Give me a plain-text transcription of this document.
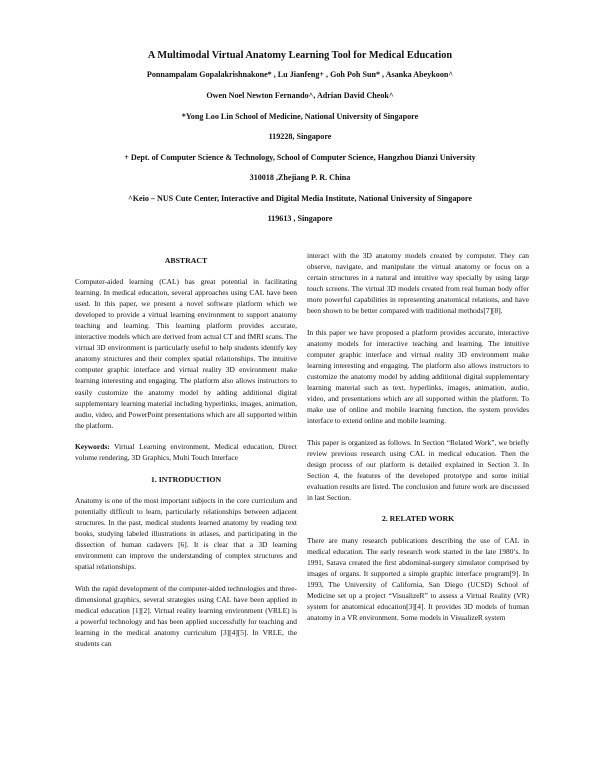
A Multimodal Virtual Anatomy Learning Tool for Medical Education
Ponnampalam Gopalakrishnakone* , Lu Jianfeng+ , Goh Poh Sun* , Asanka Abeykoon^
Owen Noel Newton Fernando^, Adrian David Cheok^
*Yong Loo Lin School of Medicine, National University of Singapore
119228, Singapore
+ Dept. of Computer Science & Technology, School of Computer Science, Hangzhou Dianzi University
310018 ,Zhejiang P. R. China
^Keio – NUS Cute Center, Interactive and Digital Media Institute, National University of Singapore
119613 , Singapore
ABSTRACT

Computer-aided learning (CAL) has great potential in facilitating learning. In medical education, several approaches using CAL have been used. In this paper, we present a novel software platform which we developed to provide a virtual learning environment to support anatomy teaching and learning. This learning platform provides accurate, interactive models which are derived from actual CT and fMRI scans. The virtual 3D environment is particularly useful to help students identify key anatomy structures and their complex spatial relationships. The intuitive computer graphic interface and virtual reality 3D environment make learning interesting and engaging. The platform also allows instructors to easily customize the anatomy model by adding additional digital supplementary learning material including hyperlinks, images, animation, audio, video, and PowerPoint presentations which are all supported within the platform.

Keywords: Virtual Learning environment, Medical education, Direct volume rendering, 3D Graphics, Multi Touch Interface

1. INTRODUCTION

Anatomy is one of the most important subjects in the core curriculum and potentially difficult to learn, particularly relationships between adjacent structures. In the past, medical students learned anatomy by reading text books, studying labeled illustrations in atlases, and participating in the dissection of human cadavers [6]. It is clear that a 3D learning environment can improve the understanding of complex structures and spatial relationships.

With the rapid development of the computer-aided technologies and three-dimensional graphics, several strategies using CAL have been applied in medical education [1][2]. Virtual reality learning environment (VRLE) is a powerful technology and has been applied successfully for teaching and learning in the medical anatomy curriculum [3][4][5]. In VRLE, the students can

interact with the 3D anatomy models created by computer. They can observe, navigate, and manipulate the virtual anatomy or focus on a certain structures in a natural and intuitive way specially by using large touch screens. The virtual 3D models created from real human body offer more powerful capabilities in representing anatomical relations, and have been shown to be better compared with traditional methods[7][8].

In this paper we have proposed a platform provides accurate, interactive anatomy models for interactive teaching and learning. The intuitive computer graphic interface and virtual reality 3D environment make learning interesting and engaging. The platform also allows instructors to customize the anatomy model by adding additional digital supplementary learning material such as text, hyperlinks, images, animation, audio, video, and presentations which are all supported within the platform. To make use of online and mobile learning function, the system provides interface to extend online and mobile learning.

This paper is organized as follows. In Section “Related Work”, we briefly review previous research using CAL in medical education. Then the design process of our platform is detailed explained in Section 3. In Section 4, the features of the developed prototype and some initial evaluation results are listed. The conclusion and future work are discussed in last Section.

2. RELATED WORK

There are many research publications describing the use of CAL in medical education. The early research work started in the late 1980’s. In 1991, Satava created the first abdominal-surgery simulator comprised by images of organs. It supported a simple graphic interface program[9]. In 1993, The University of California, San Diego (UCSD) School of Medicine set up a project “VisualizeR” to assess a Virtual Reality (VR) system for anatomical education[3][4]. It provides 3D models of human anatomy in a VR environment. Some models in VisualizeR system
